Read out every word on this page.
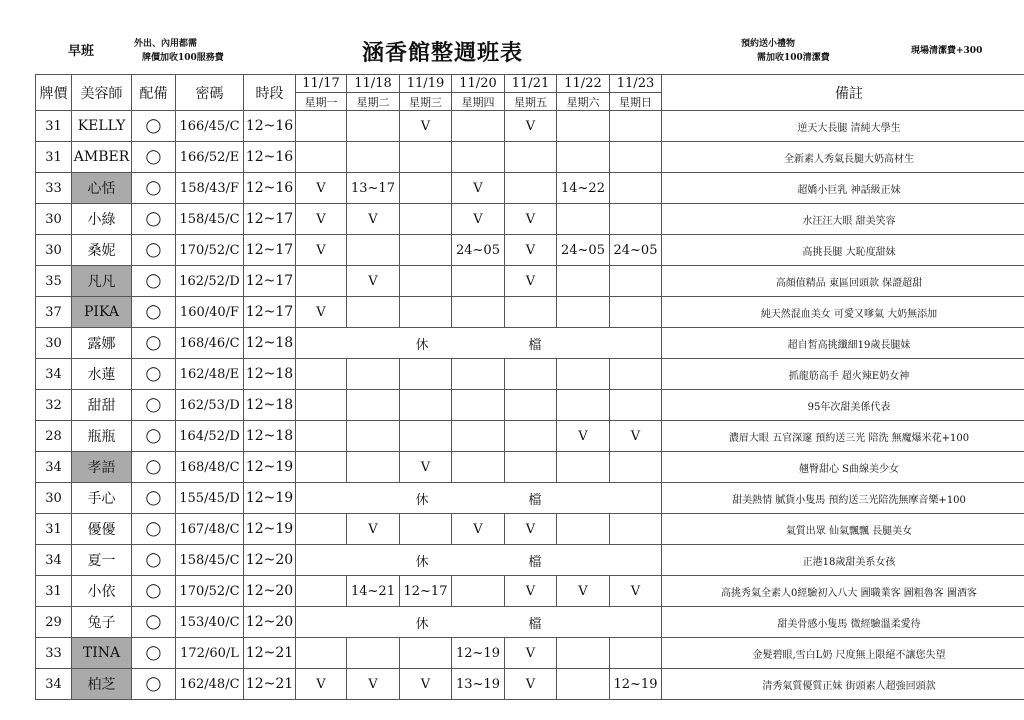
早班	外出、內用都需
牌價加收100服務費	涵香館整週班表	預約送小禮物
需加收100清潔費
現場清潔費+300
牌價	美容師	配備	密碼	時段	11/17	11/18	11/19	11/20	11/21	11/22	11/23	備註
					星期一	星期二	星期三	星期四	星期五	星期六	星期日	
31	KELLY	◯	166/45/C	12~16			V		V			逆天大長腿 清純大學生
31	AMBER	◯	166/52/E	12~16								全新素人秀氣長腿大奶高材生
33	心恬	◯	158/43/F	12~16	V	13~17		V		14~22		超嬌小巨乳 神話級正妹
30	小綠	◯	158/45/C	12~17	V	V		V	V			水汪汪大眼 甜美笑容
30	桑妮	◯	170/52/C	12~17	V			24~05	V	24~05	24~05	高挑長腿 大恥度甜妹
35	凡凡	◯	162/52/D	12~17		V			V			高顏值精品 東區回頭款 保證超甜
37	PIKA	◯	160/40/F	12~17	V							純天然混血美女 可愛又嗲氣 大奶無添加
30	露娜	◯	168/46/C	12~18	休 檔							超自皙高挑纖細19歲長腿妹
34	水蓮	◯	162/48/E	12~18								抓龍筋高手 超火辣E奶女神
32	甜甜	◯	162/53/D	12~18								95年次甜美係代表
28	瓶瓶	◯	164/52/D	12~18						V	V	濃眉大眼 五官深邃 預約送三光 陪洗 無魔爆米花+100
34	孝語	◯	168/48/C	12~19			V					翹臀甜心 S曲線美少女
30	手心	◯	155/45/D	12~19	休 檔							甜美熱情 膩貨小隻馬 預約送三光陪洗無摩音樂+100
31	優優	◯	167/48/C	12~19		V		V	V			氣質出眾 仙氣飄飄 長腿美女
34	夏一	◯	158/45/C	12~20	休 檔							正港18歲甜美系女孩
31	小依	◯	170/52/C	12~20		14~21	12~17		V	V	V	高挑秀氣全素人0經驗初入八大 圖職業客 圖粗魯客 圖酒客
29	兔子	◯	153/40/C	12~20	休 檔							甜美骨感小隻馬 微經驗溫柔愛待
33	TINA	◯	172/60/L	12~21				12~19	V			金髮碧眼,雪白L奶 尺度無上限絕不讓您失望
34	柏芝	◯	162/48/C	12~21	V	V	V	13~19	V		12~19	清秀氣質優質正妹 街頭素人超強回頭款
